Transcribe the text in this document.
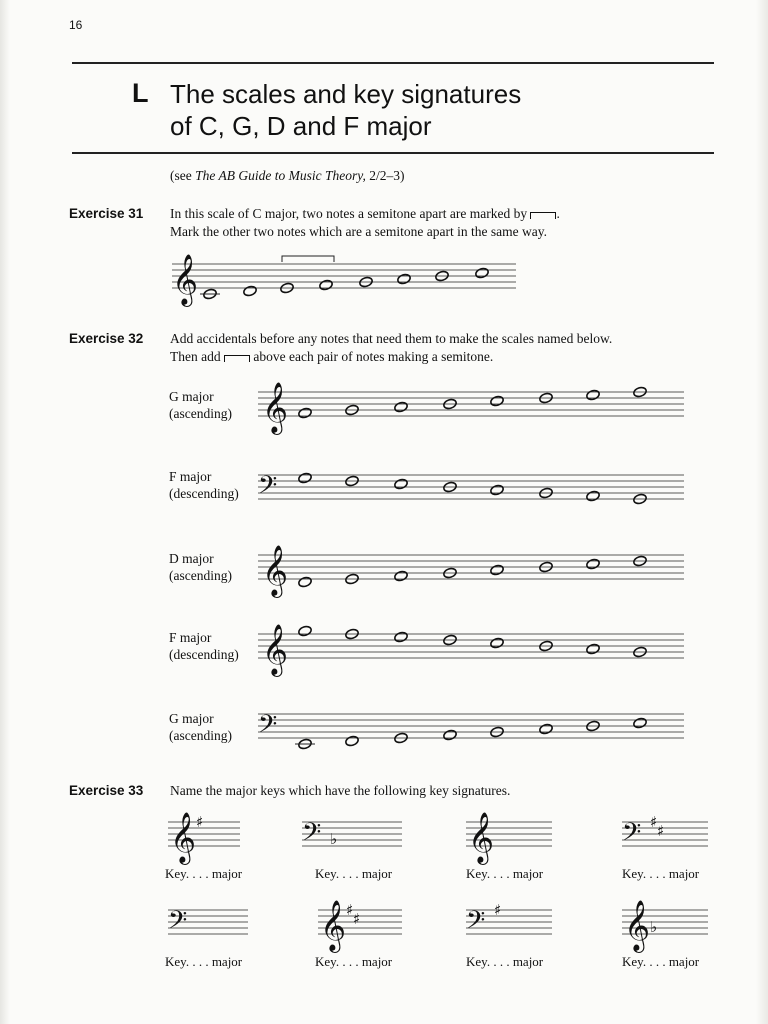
16
L The scales and key signatures
of C, G, D and F major
(see The AB Guide to Music Theory, 2/2–3)
Exercise 31 In this scale of C major, two notes a semitone apart are marked by .
Mark the other two notes which are a semitone apart in the same way.
Exercise 32 Add accidentals before any notes that need them to make the scales named below.
Then add  above each pair of notes making a semitone.
G major
(ascending)
F major
(descending)
D major
(ascending)
F major
(descending)
G major
(ascending)
Exercise 33 Name the major keys which have the following key signatures.
Key. . . . major	Key. . . . major	Key. . . . major	Key. . . . major
Key. . . . major	Key. . . . major	Key. . . . major	Key. . . . major
𝄞
𝄞
𝄢
𝄞
𝄞
𝄢
𝄞 ♯	𝄢 ♭	𝄞	𝄢 ♯ ♯
𝄢	𝄞 ♯ ♯	𝄢 ♯	𝄞 ♭
